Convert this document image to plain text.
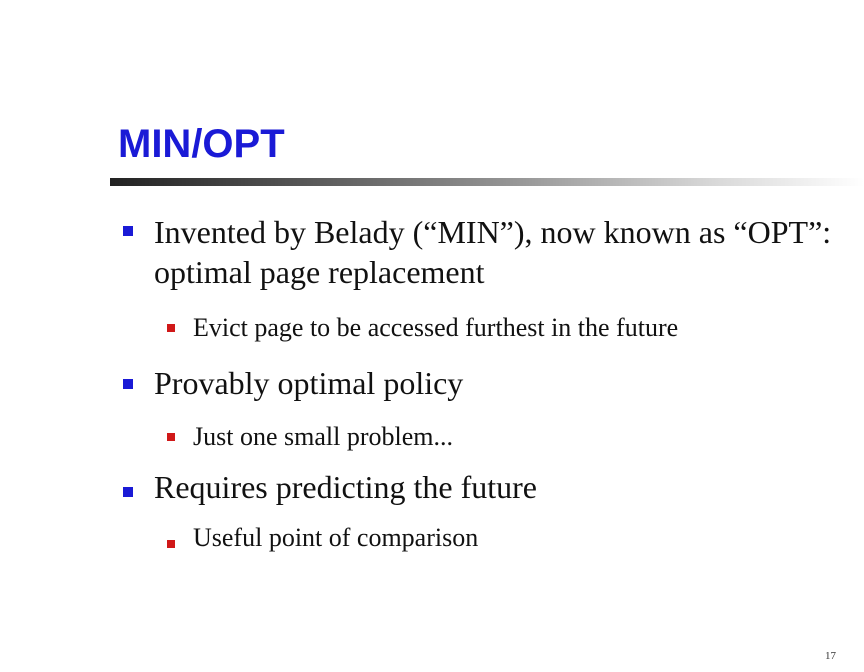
MIN/OPT
Invented by Belady (“MIN”), now known as “OPT”: optimal page replacement
Evict page to be accessed furthest in the future
Provably optimal policy
Just one small problem...
Requires predicting the future
Useful point of comparison
17
